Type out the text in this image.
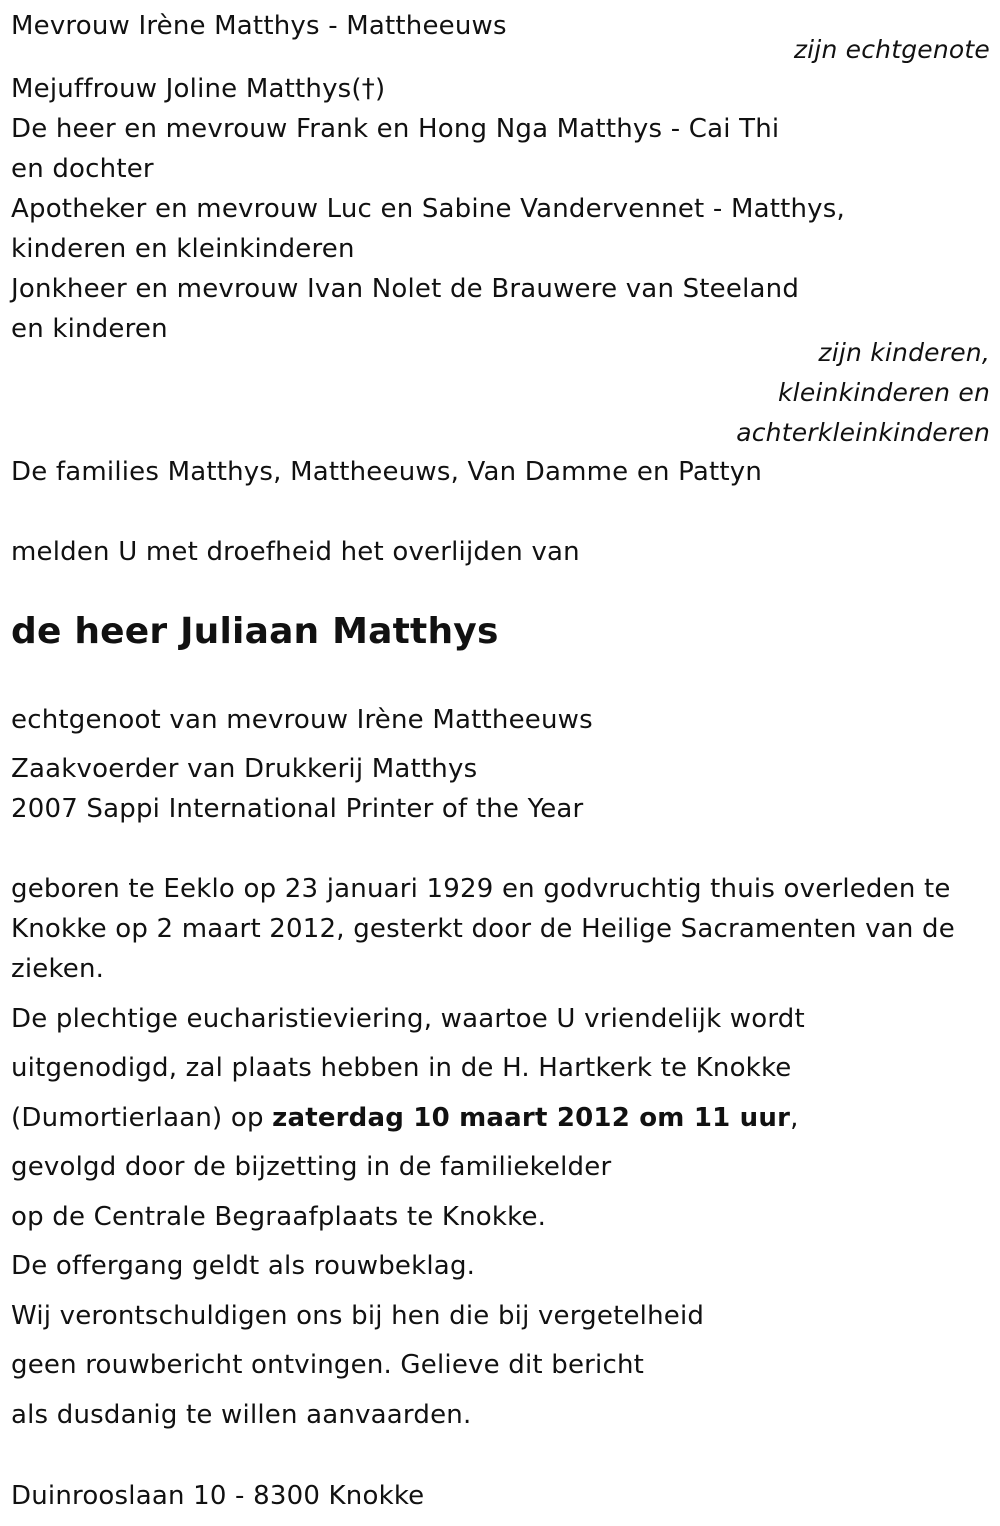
Mevrouw Irène Matthys - Mattheeuws
zijn echtgenote
Mejuffrouw Joline Matthys(†)
De heer en mevrouw Frank en Hong Nga Matthys - Cai Thi
en dochter
Apotheker en mevrouw Luc en Sabine Vandervennet - Matthys,
kinderen en kleinkinderen
Jonkheer en mevrouw Ivan Nolet de Brauwere van Steeland
en kinderen
zijn kinderen,
kleinkinderen en
achterkleinkinderen
De families Matthys, Mattheeuws, Van Damme en Pattyn
melden U met droefheid het overlijden van
de heer Juliaan Matthys
echtgenoot van mevrouw Irène Mattheeuws
Zaakvoerder van Drukkerij Matthys
2007 Sappi International Printer of the Year
geboren te Eeklo op 23 januari 1929 en godvruchtig thuis overleden te
Knokke op 2 maart 2012, gesterkt door de Heilige Sacramenten van de
zieken.
De plechtige eucharistieviering, waartoe U vriendelijk wordt
uitgenodigd, zal plaats hebben in de H. Hartkerk te Knokke
(Dumortierlaan) op zaterdag 10 maart 2012 om 11 uur,
gevolgd door de bijzetting in de familiekelder
op de Centrale Begraafplaats te Knokke.
De offergang geldt als rouwbeklag.
Wij verontschuldigen ons bij hen die bij vergetelheid
geen rouwbericht ontvingen. Gelieve dit bericht
als dusdanig te willen aanvaarden.
Duinrooslaan 10 - 8300 Knokke
